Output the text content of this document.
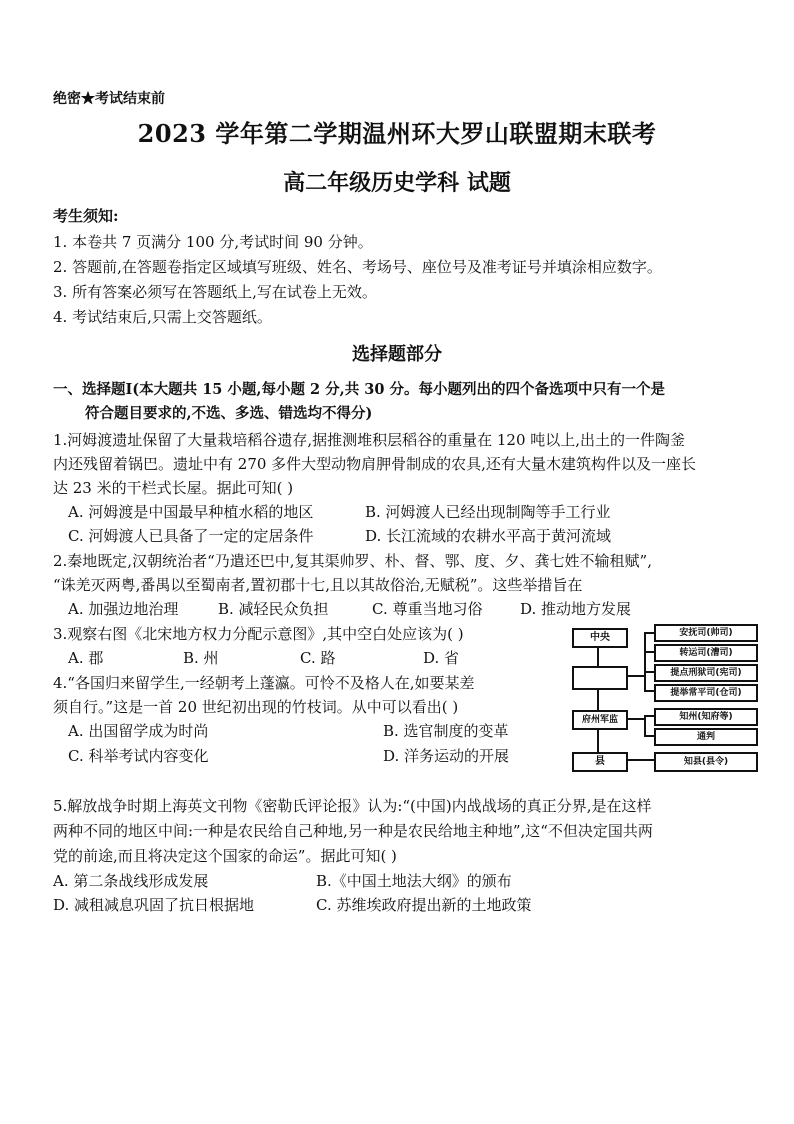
绝密★考试结束前
2023 学年第二学期温州环大罗山联盟期末联考
高二年级历史学科 试题
考生须知:
1. 本卷共 7 页满分 100 分,考试时间 90 分钟。
2. 答题前,在答题卷指定区域填写班级、姓名、考场号、座位号及准考证号并填涂相应数字。
3. 所有答案必须写在答题纸上,写在试卷上无效。
4. 考试结束后,只需上交答题纸。
选择题部分
一、选择题Ⅰ(本大题共 15 小题,每小题 2 分,共 30 分。每小题列出的四个备选项中只有一个是
符合题目要求的,不选、多选、错选均不得分)
1.河姆渡遗址保留了大量栽培稻谷遗存,据推测堆积层稻谷的重量在 120 吨以上,出土的一件陶釜
内还残留着锅巴。遗址中有 270 多件大型动物肩胛骨制成的农具,还有大量木建筑构件以及一座长
达 23 米的干栏式长屋。据此可知( )
A. 河姆渡是中国最早种植水稻的地区	B. 河姆渡人已经出现制陶等手工行业
C. 河姆渡人已具备了一定的定居条件	D. 长江流域的农耕水平高于黄河流域
2.秦地既定,汉朝统治者“乃遣还巴中,复其渠帅罗、朴、督、鄂、度、夕、龚七姓不输租赋”,
“诛羌灭两粤,番禺以至蜀南者,置初郡十七,且以其故俗治,无赋税”。这些举措旨在
A. 加强边地治理	B. 减轻民众负担	C. 尊重当地习俗	D. 推动地方发展
3.观察右图《北宋地方权力分配示意图》,其中空白处应该为( )
A. 郡	B. 州	C. 路	D. 省
4.“各国归来留学生,一经朝考上蓬瀛。可怜不及格人在,如要某差
须自行。”这是一首 20 世纪初出现的竹枝词。从中可以看出( )
A. 出国留学成为时尚	B. 选官制度的变革
C. 科举考试内容变化	D. 洋务运动的开展
5.解放战争时期上海英文刊物《密勒氏评论报》认为:“(中国)内战战场的真正分界,是在这样
两种不同的地区中间:一种是农民给自己种地,另一种是农民给地主种地”,这“不但决定国共两
党的前途,而且将决定这个国家的命运”。据此可知( )
A. 第二条战线形成发展	B.《中国土地法大纲》的颁布
D. 减租减息巩固了抗日根据地	C. 苏维埃政府提出新的土地政策
中央
府州军监
县
安抚司(帅司)
转运司(漕司)
提点刑狱司(宪司)
提举常平司(仓司)
知州(知府等)
通判
知县(县令)
